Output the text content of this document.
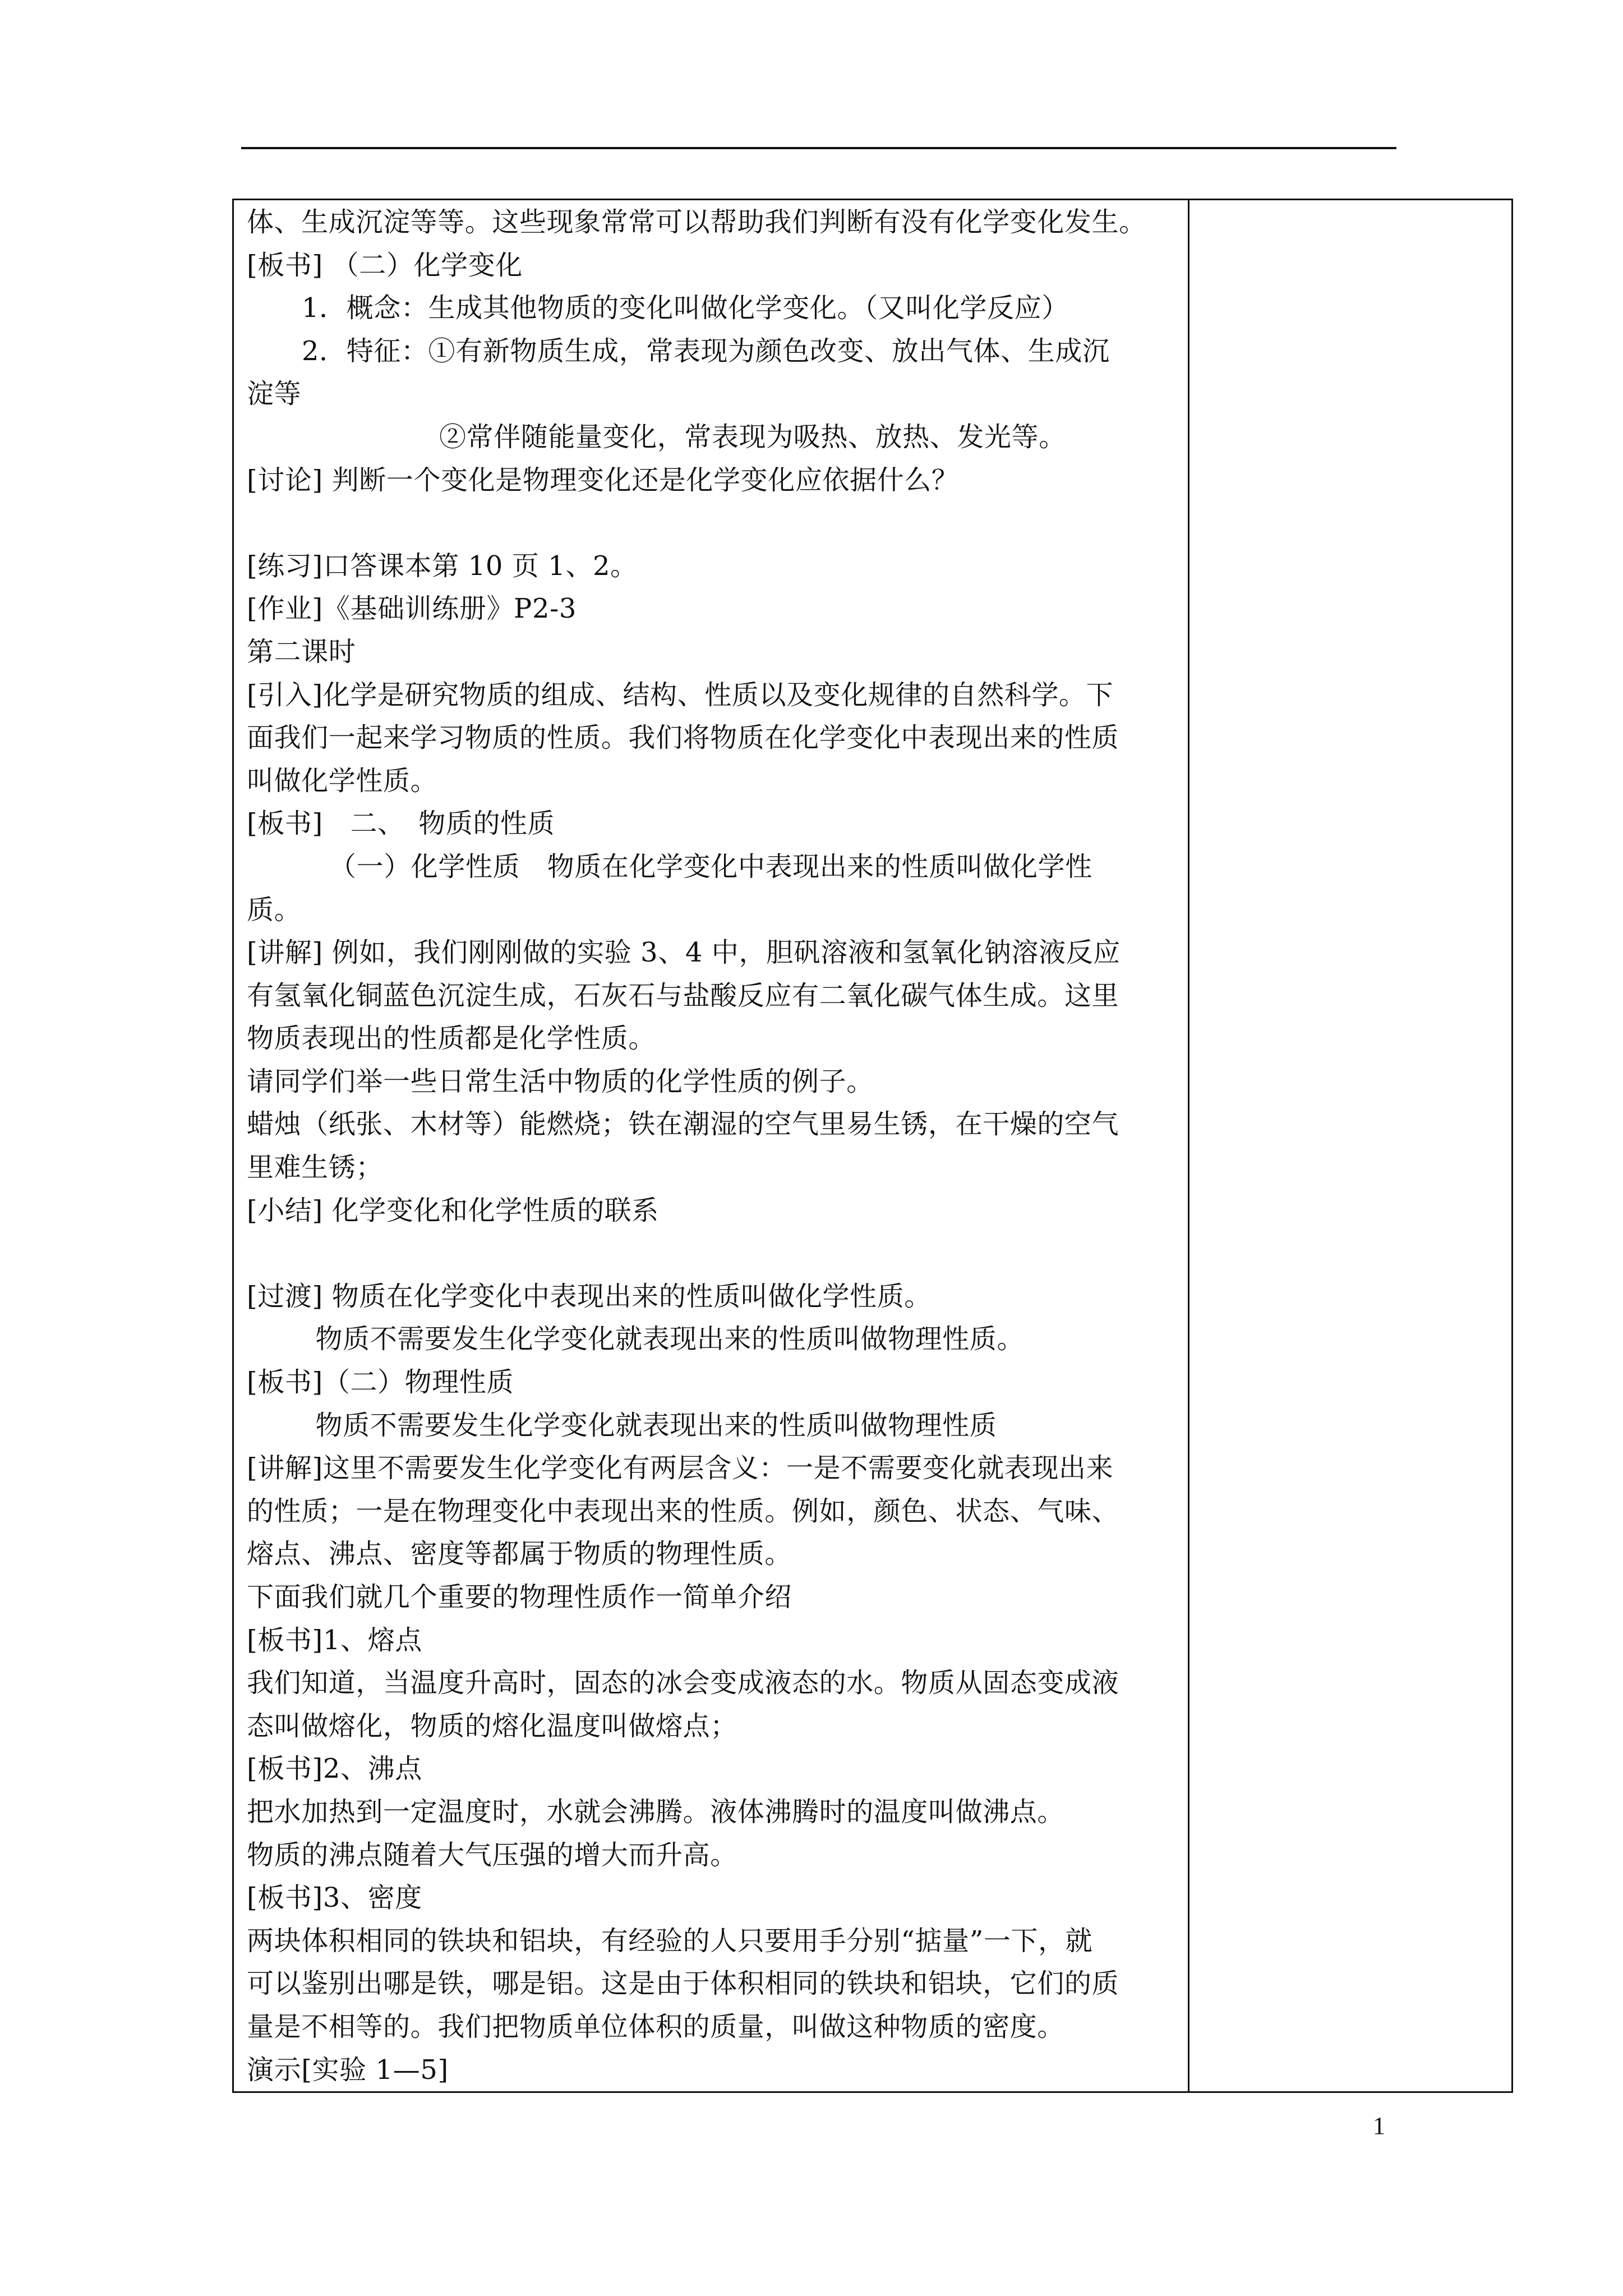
体、生成沉淀等等。这些现象常常可以帮助我们判断有没有化学变化发生。
[板书] （二）化学变化
1．概念：生成其他物质的变化叫做化学变化。（又叫化学反应）
2．特征：①有新物质生成，常表现为颜色改变、放出气体、生成沉
淀等
②常伴随能量变化，常表现为吸热、放热、发光等。
[讨论] 判断一个变化是物理变化还是化学变化应依据什么？
[练习]口答课本第 10 页 1、2。
[作业]《基础训练册》P2-3
第二课时
[引入]化学是研究物质的组成、结构、性质以及变化规律的自然科学。下
面我们一起来学习物质的性质。我们将物质在化学变化中表现出来的性质
叫做化学性质。
[板书]　二、　物质的性质
（一）化学性质　物质在化学变化中表现出来的性质叫做化学性
质。
[讲解] 例如，我们刚刚做的实验 3、4 中，胆矾溶液和氢氧化钠溶液反应
有氢氧化铜蓝色沉淀生成，石灰石与盐酸反应有二氧化碳气体生成。这里
物质表现出的性质都是化学性质。
请同学们举一些日常生活中物质的化学性质的例子。
蜡烛（纸张、木材等）能燃烧；铁在潮湿的空气里易生锈，在干燥的空气
里难生锈；
[小结] 化学变化和化学性质的联系
[过渡] 物质在化学变化中表现出来的性质叫做化学性质。
物质不需要发生化学变化就表现出来的性质叫做物理性质。
[板书]（二）物理性质
物质不需要发生化学变化就表现出来的性质叫做物理性质
[讲解]这里不需要发生化学变化有两层含义：一是不需要变化就表现出来
的性质；一是在物理变化中表现出来的性质。例如，颜色、状态、气味、
熔点、沸点、密度等都属于物质的物理性质。
下面我们就几个重要的物理性质作一简单介绍
[板书]1、熔点
我们知道，当温度升高时，固态的冰会变成液态的水。物质从固态变成液
态叫做熔化，物质的熔化温度叫做熔点；
[板书]2、沸点
把水加热到一定温度时，水就会沸腾。液体沸腾时的温度叫做沸点。
物质的沸点随着大气压强的增大而升高。
[板书]3、密度
两块体积相同的铁块和铝块，有经验的人只要用手分别“掂量”一下，就
可以鉴别出哪是铁，哪是铝。这是由于体积相同的铁块和铝块，它们的质
量是不相等的。我们把物质单位体积的质量，叫做这种物质的密度。
演示[实验 1—5]
1
